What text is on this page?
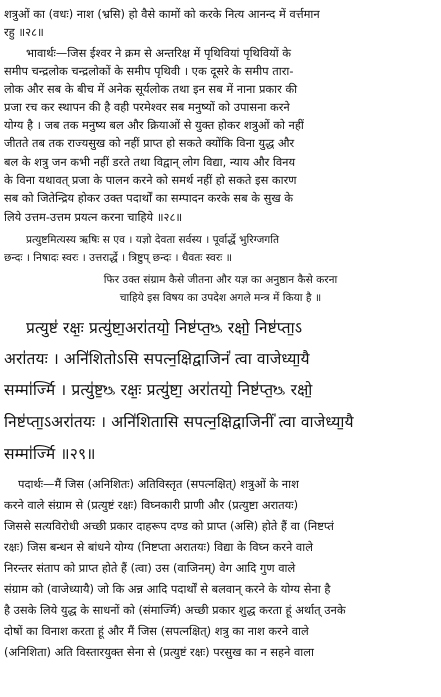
शत्रुओं का (वधः) नाश (भ्रसि) हो वैसे कामों को करके नित्य आनन्द में वर्त्तमान
रहु ॥२८॥
भावार्थः—जिस ईश्वर ने क्रम से अन्तरिक्ष में पृथिवियां पृथिवियों के
समीप चन्द्रलोक चन्द्रलोकों के समीप पृथिवी । एक दूसरे के समीप तारा-
लोक और सब के बीच में अनेक सूर्यलोक तथा इन सब में नाना प्रकार की
प्रजा रच कर स्थापन की है वही परमेश्वर सब मनुष्यों को उपासना करने
योग्य है । जब तक मनुष्य बल और क्रियाओं से युक्त होकर शत्रुओं को नहीं
जीतते तब तक राज्यसुख को नहीं प्राप्त हो सकते क्योंकि विना युद्ध और
बल के शत्रु जन कभी नहीं डरते तथा विद्वान् लोग विद्या, न्याय और विनय
के विना यथावत् प्रजा के पालन करने को समर्थ नहीं हो सकते इस कारण
सब को जितेन्द्रिय होकर उक्त पदार्थों का सम्पादन करके सब के सुख के
लिये उत्तम-उत्तम प्रयत्न करना चाहिये ॥२८॥
प्रत्युष्टमित्यस्य ऋषिः स एव । यज्ञो देवता सर्वस्य । पूर्वार्द्धे भुरिग्जगति
छन्दः । निषादः स्वरः । उत्तरार्द्धे । त्रिष्टुप् छन्दः । धैवतः स्वरः ॥
फिर उक्त संग्राम कैसे जीतना और यज्ञ का अनुष्ठान कैसे करना
चाहिये इस विषय का उपदेश अगले मन्त्र में किया है ॥
प्रत्युष्ट॑ रक्षः॒ प्रत्यु॑ष्टा॒अरा॑तयो॒ निष्ट॑प्त॒ᳬ रक्षो॒ निष्ट॑प्ता॒ऽ
अरा॑तयः । अनि॑शितोऽसि सपत्न॒क्षिद्वा॒जिनं॑ त्वा वाजेध्या॒यै
सम्मा॑र्ज्मि । प्रत्यु॑ष्ट॒ᳬ रक्षः॒ प्रत्यु॑ष्टा॒ अरा॑तयो॒ निष्ट॑प्त॒ᳬ रक्षो॒
निष्ट॑प्ता॒ऽअरा॑तयः । अनि॑शितासि सपत्न॒क्षिद्वा॒जिनीं॑ त्वा वाजेध्या॒यै
सम्मा॑र्ज्मि ॥२९॥
पदार्थः—मैं जिस (अनिशितः) अतिविस्तृत (सपत्नक्षित्) शत्रुओं के नाश
करने वाले संग्राम से (प्रत्युष्टं रक्षः) विघ्नकारी प्राणी और (प्रत्युष्टा अरातयः)
जिससे सत्यविरोधी अच्छी प्रकार दाहरूप दण्ड को प्राप्त (असि) होते हैं वा (निष्टप्तं
रक्षः) जिस बन्धन से बांधने योग्य (निष्टप्ता अरातयः) विद्या के विघ्न करने वाले
निरन्तर संताप को प्राप्त होते हैं (त्वा) उस (वाजिनम्) वेग आदि गुण वाले
संग्राम को (वाजेध्यायै) जो कि अन्न आदि पदार्थों से बलवान् करने के योग्य सेना है
है उसके लिये युद्ध के साधनों को (संमार्ज्मि) अच्छी प्रकार शुद्ध करता हूं अर्थात् उनके
दोषों का विनाश करता हूं और मैं जिस (सपत्नक्षित्) शत्रु का नाश करने वाले
(अनिशिता) अति विस्तारयुक्त सेना से (प्रत्युष्टं रक्षः) परसुख का न सहने वाला
